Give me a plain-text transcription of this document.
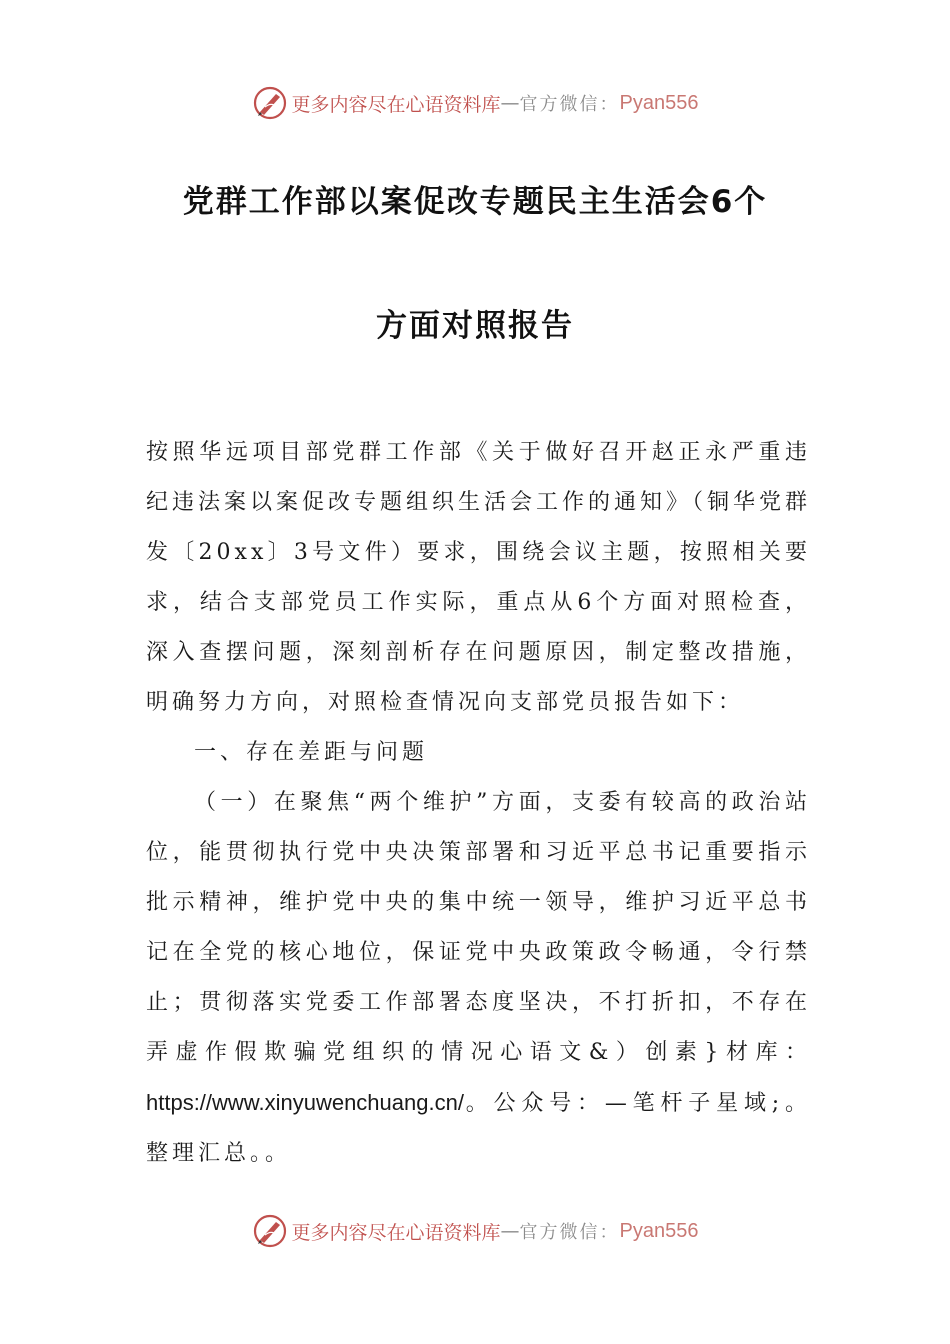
更多内容尽在心语资料库 — 官方微信： Pyan556
党群工作部以案促改专题民主生活会6个
方面对照报告

按照华远项目部党群工作部《关于做好召开赵正永严重违纪违法案以案促改专题组织生活会工作的通知》（铜华党群发〔20xx〕3号文件）要求，围绕会议主题，按照相关要求，结合支部党员工作实际，重点从6个方面对照检查，深入查摆问题，深刻剖析存在问题原因，制定整改措施，明确努力方向，对照检查情况向支部党员报告如下：

一、存在差距与问题

（一）在聚焦“两个维护”方面，支委有较高的政治站位，能贯彻执行党中央决策部署和习近平总书记重要指示批示精神，维护党中央的集中统一领导，维护习近平总书记在全党的核心地位，保证党中央政策政令畅通，令行禁止；贯彻落实党委工作部署态度坚决，不打折扣，不存在弄虚作假欺骗党组织的情况心语文&）创素}材库：https://www.xinyuwenchuang.cn/。公众号：—笔杆子星域;。整理汇总。。

更多内容尽在心语资料库 — 官方微信： Pyan556
